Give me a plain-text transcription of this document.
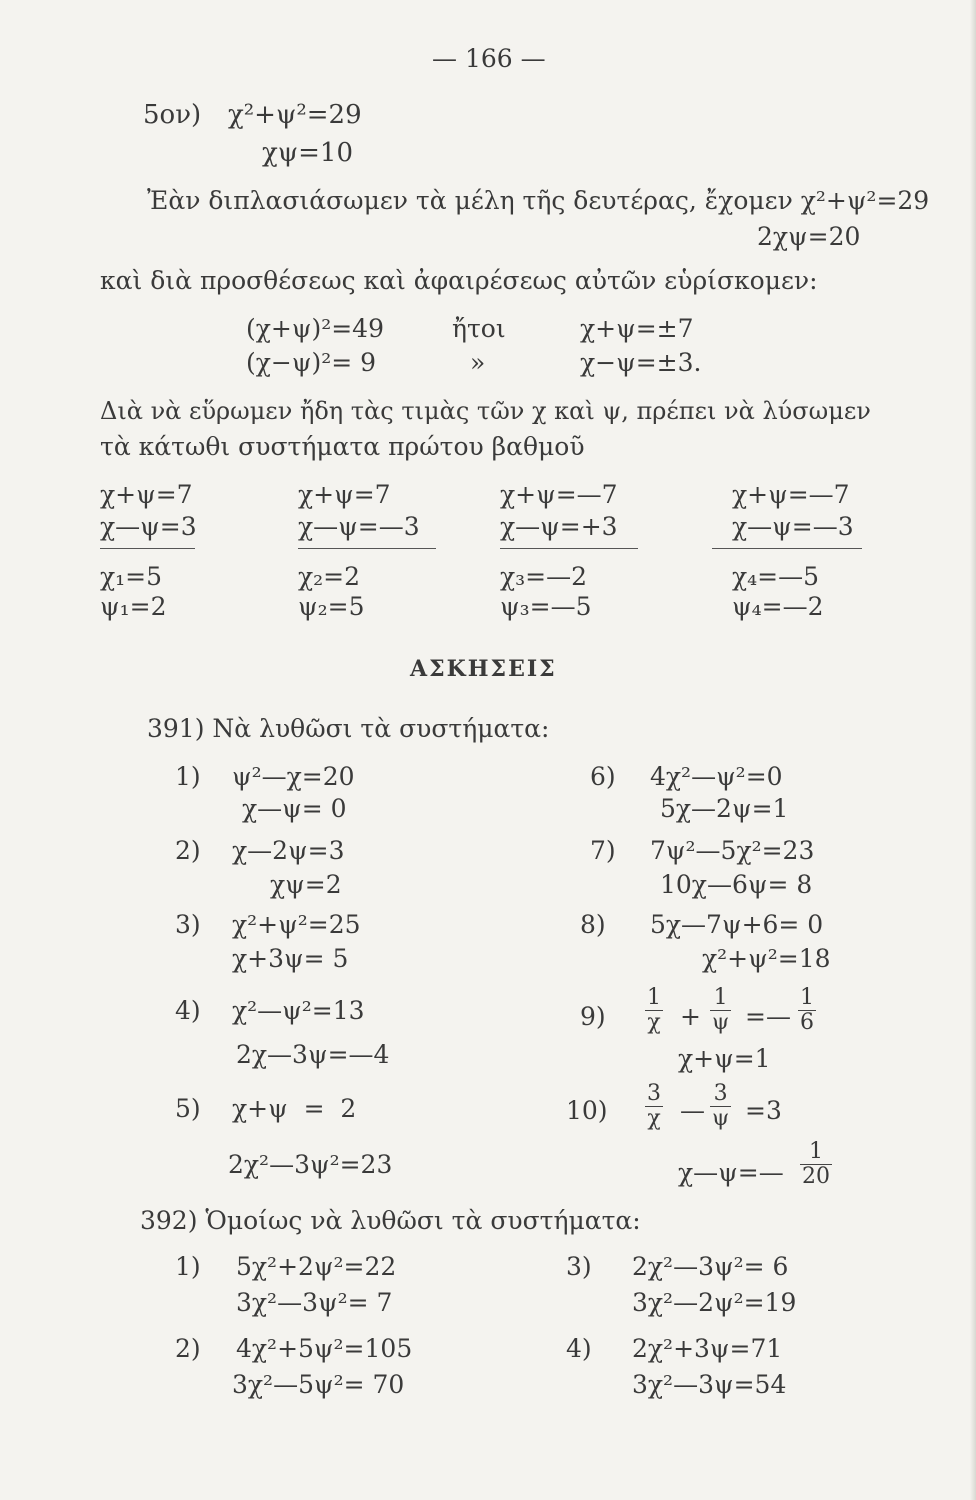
— 166 —
5ον) χ²+ψ²=29
χψ=10
Ἐὰν διπλασιάσωμεν τὰ μέλη τῆς δευτέρας, ἔχομεν χ²+ψ²=29
2χψ=20
καὶ διὰ προσθέσεως καὶ ἀφαιρέσεως αὐτῶν εὑρίσκομεν:
(χ+ψ)²=49	ἤτοι	χ+ψ=±7
(χ−ψ)²= 9	»	χ−ψ=±3.
Διὰ νὰ εὕρωμεν ἤδη τὰς τιμὰς τῶν χ καὶ ψ, πρέπει νὰ λύσωμεν
τὰ κάτωθι συστήματα πρώτου βαθμοῦ
χ+ψ=7
χ—ψ=3
χ₁=5
ψ₁=2
χ+ψ=7
χ—ψ=—3
χ₂=2
ψ₂=5
χ+ψ=—7
χ—ψ=+3
χ₃=—2
ψ₃=—5
χ+ψ=—7
χ—ψ=—3
χ₄=—5
ψ₄=—2
ΑΣΚΗΣΕΙΣ
391) Νὰ λυθῶσι τὰ συστήματα:
1) ψ²—χ=20
χ—ψ= 0
2) χ—2ψ=3
χψ=2
3) χ²+ψ²=25
χ+3ψ= 5
4) χ²—ψ²=13
2χ—3ψ=—4
5) χ+ψ  =  2
2χ²—3ψ²=23
6) 4χ²—ψ²=0
5χ—2ψ=1
7) 7ψ²—5χ²=23
10χ—6ψ= 8
8) 5χ—7ψ+6= 0
χ²+ψ²=18
$9) \frac{1}{\chi} + \frac{1}{\psi}$ =— $\frac{1}{6}$
χ+ψ=1
$10) \frac{3}{\chi}$ — $\frac{3}{\psi} =3$
χ—ψ=— $\frac{1}{20}$
392) Ὁμοίως νὰ λυθῶσι τὰ συστήματα:
1) 5χ²+2ψ²=22
3χ²—3ψ²= 7
2) 4χ²+5ψ²=105
3χ²—5ψ²= 70
3) 2χ²—3ψ²= 6
3χ²—2ψ²=19
4) 2χ²+3ψ=71
3χ²—3ψ=54
